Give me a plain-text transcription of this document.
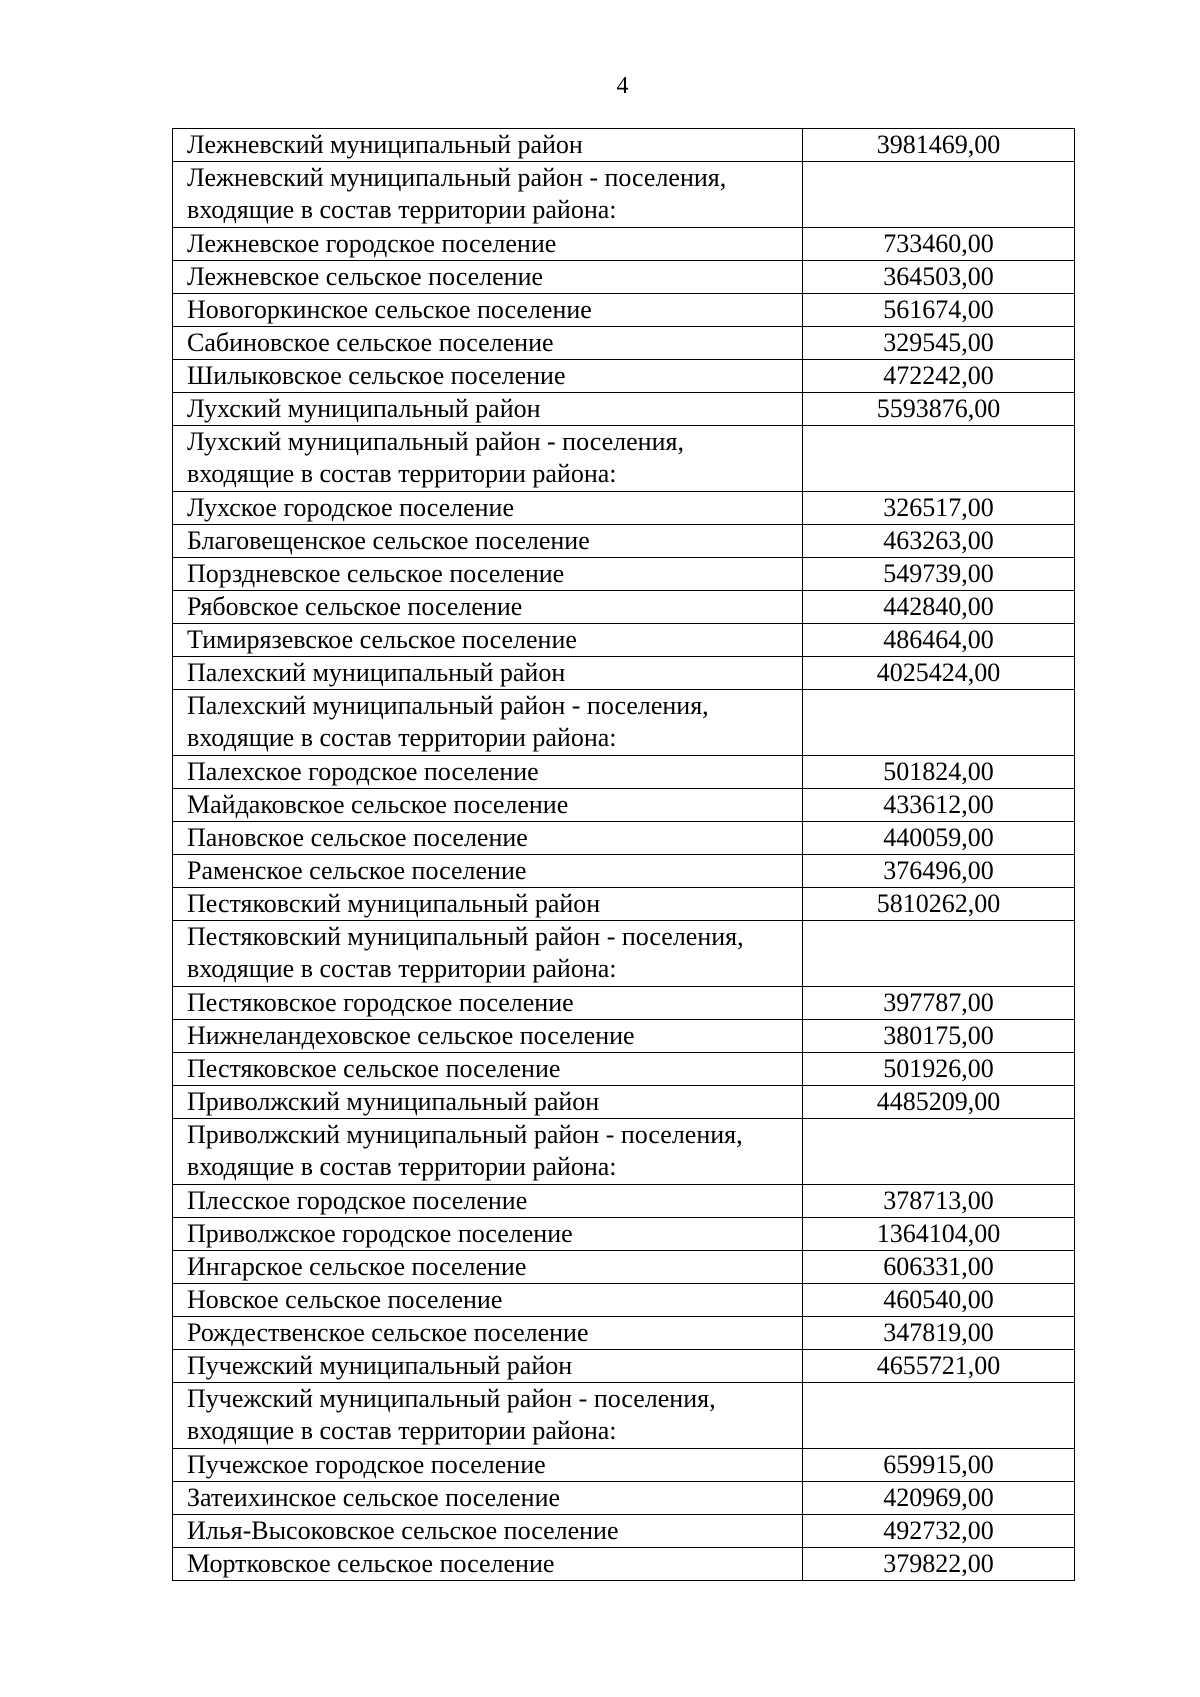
4
Лежневский муниципальный район	3981469,00
Лежневский муниципальный район - поселения, входящие в состав территории района:	
Лежневское городское поселение	733460,00
Лежневское сельское поселение	364503,00
Новогоркинское сельское поселение	561674,00
Сабиновское сельское поселение	329545,00
Шилыковское сельское поселение	472242,00
Лухский муниципальный район	5593876,00
Лухский муниципальный район - поселения, входящие в состав территории района:	
Лухское городское поселение	326517,00
Благовещенское сельское поселение	463263,00
Порздневское сельское поселение	549739,00
Рябовское сельское поселение	442840,00
Тимирязевское сельское поселение	486464,00
Палехский муниципальный район	4025424,00
Палехский муниципальный район - поселения, входящие в состав территории района:	
Палехское городское поселение	501824,00
Майдаковское сельское поселение	433612,00
Пановское сельское поселение	440059,00
Раменское сельское поселение	376496,00
Пестяковский муниципальный район	5810262,00
Пестяковский муниципальный район - поселения, входящие в состав территории района:	
Пестяковское городское поселение	397787,00
Нижнеландеховское сельское поселение	380175,00
Пестяковское сельское поселение	501926,00
Приволжский муниципальный район	4485209,00
Приволжский муниципальный район - поселения, входящие в состав территории района:	
Плесское городское поселение	378713,00
Приволжское городское поселение	1364104,00
Ингарское сельское поселение	606331,00
Новское сельское поселение	460540,00
Рождественское сельское поселение	347819,00
Пучежский муниципальный район	4655721,00
Пучежский муниципальный район - поселения, входящие в состав территории района:	
Пучежское городское поселение	659915,00
Затеихинское сельское поселение	420969,00
Илья-Высоковское сельское поселение	492732,00
Мортковское сельское поселение	379822,00
